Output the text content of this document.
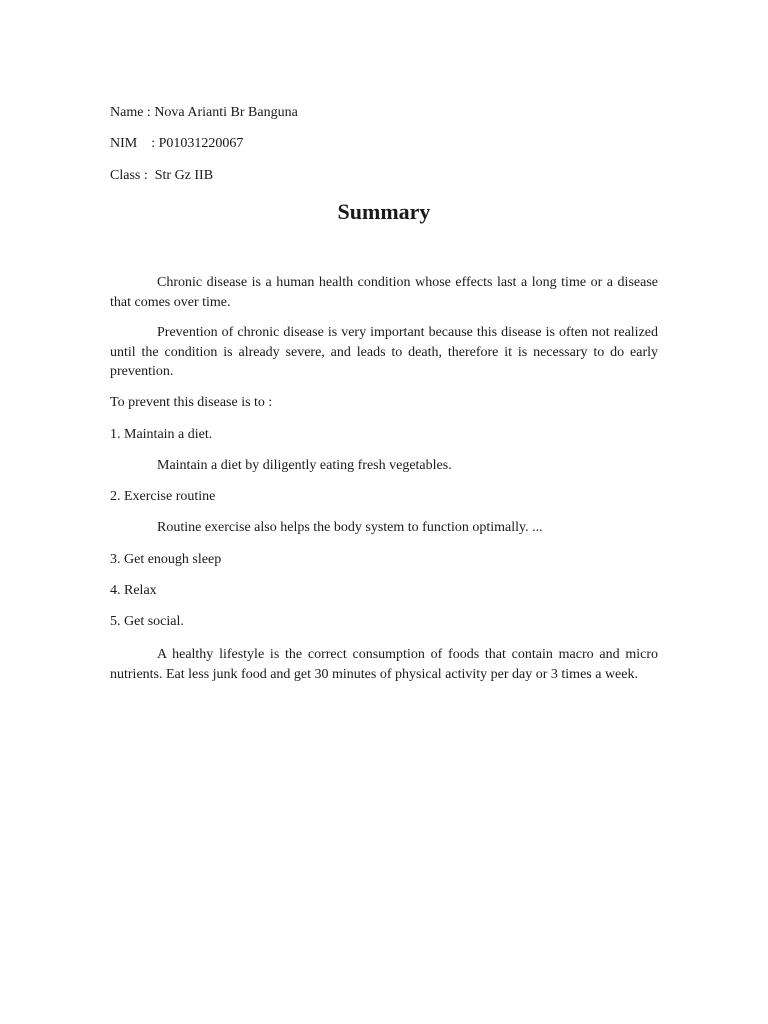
Name : Nova Arianti Br Banguna
NIM    : P01031220067
Class :  Str Gz IIB
Summary
Chronic disease is a human health condition whose effects last a long time or a disease that comes over time.
Prevention of chronic disease is very important because this disease is often not realized until the condition is already severe, and leads to death, therefore it is necessary to do early prevention.
To prevent this disease is to :
1. Maintain a diet.
Maintain a diet by diligently eating fresh vegetables.
2. Exercise routine
Routine exercise also helps the body system to function optimally. ...
3. Get enough sleep
4. Relax
5. Get social.
A healthy lifestyle is the correct consumption of foods that contain macro and micro nutrients. Eat less junk food and get 30 minutes of physical activity per day or 3 times a week.
